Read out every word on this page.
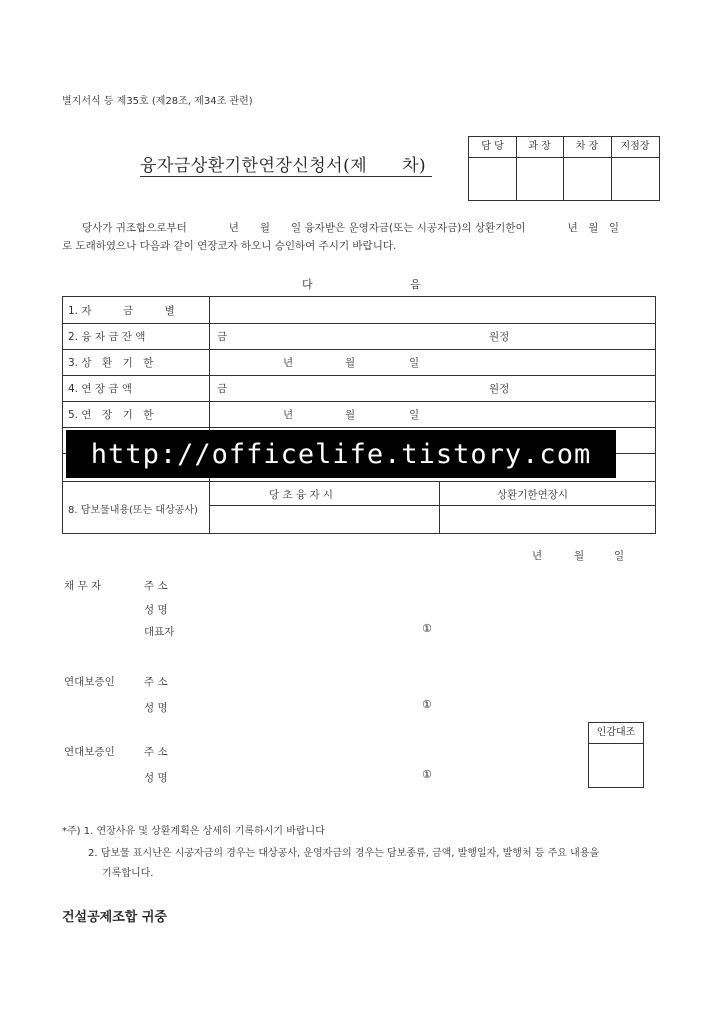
별지서식 등 제35호 (제28조, 제34조 관련)
융자금상환기한연장신청서(제　　차)
담 당	과 장	차 장	지점장
당사가 귀조합으로부터　　　　년　　월　　일 융자받은 운영자금(또는 시공자금)의 상환기한이　　　　년　월　일
로 도래하였으나 다음과 같이 연장코자 하오니 승인하여 주시기 바랍니다.
다	음
1. 자　　　금　　　별
2. 융 자 금 잔 액	금	원정
3. 상　환　기　한	년	월	일
4. 연 장 금 액	금	원정
5. 연　장　기　한	년	월	일
8. 담보물내용(또는 대상공사)
당 초 융 자 시	상환기한연장시
http://officelife.tistory.com
년	월	일
채 무 자	주 소
성 명
대표자	①
연대보증인	주 소
성 명	①
연대보증인	주 소
성 명	①
인감대조
*주) 1. 연장사유 및 상환계획은 상세히 기록하시기 바랍니다
2. 담보물 표시난은 시공자금의 경우는 대상공사, 운영자금의 경우는 담보종류, 금액, 발행일자, 발행처 등 주요 내용을
기록합니다.
건설공제조합 귀중
